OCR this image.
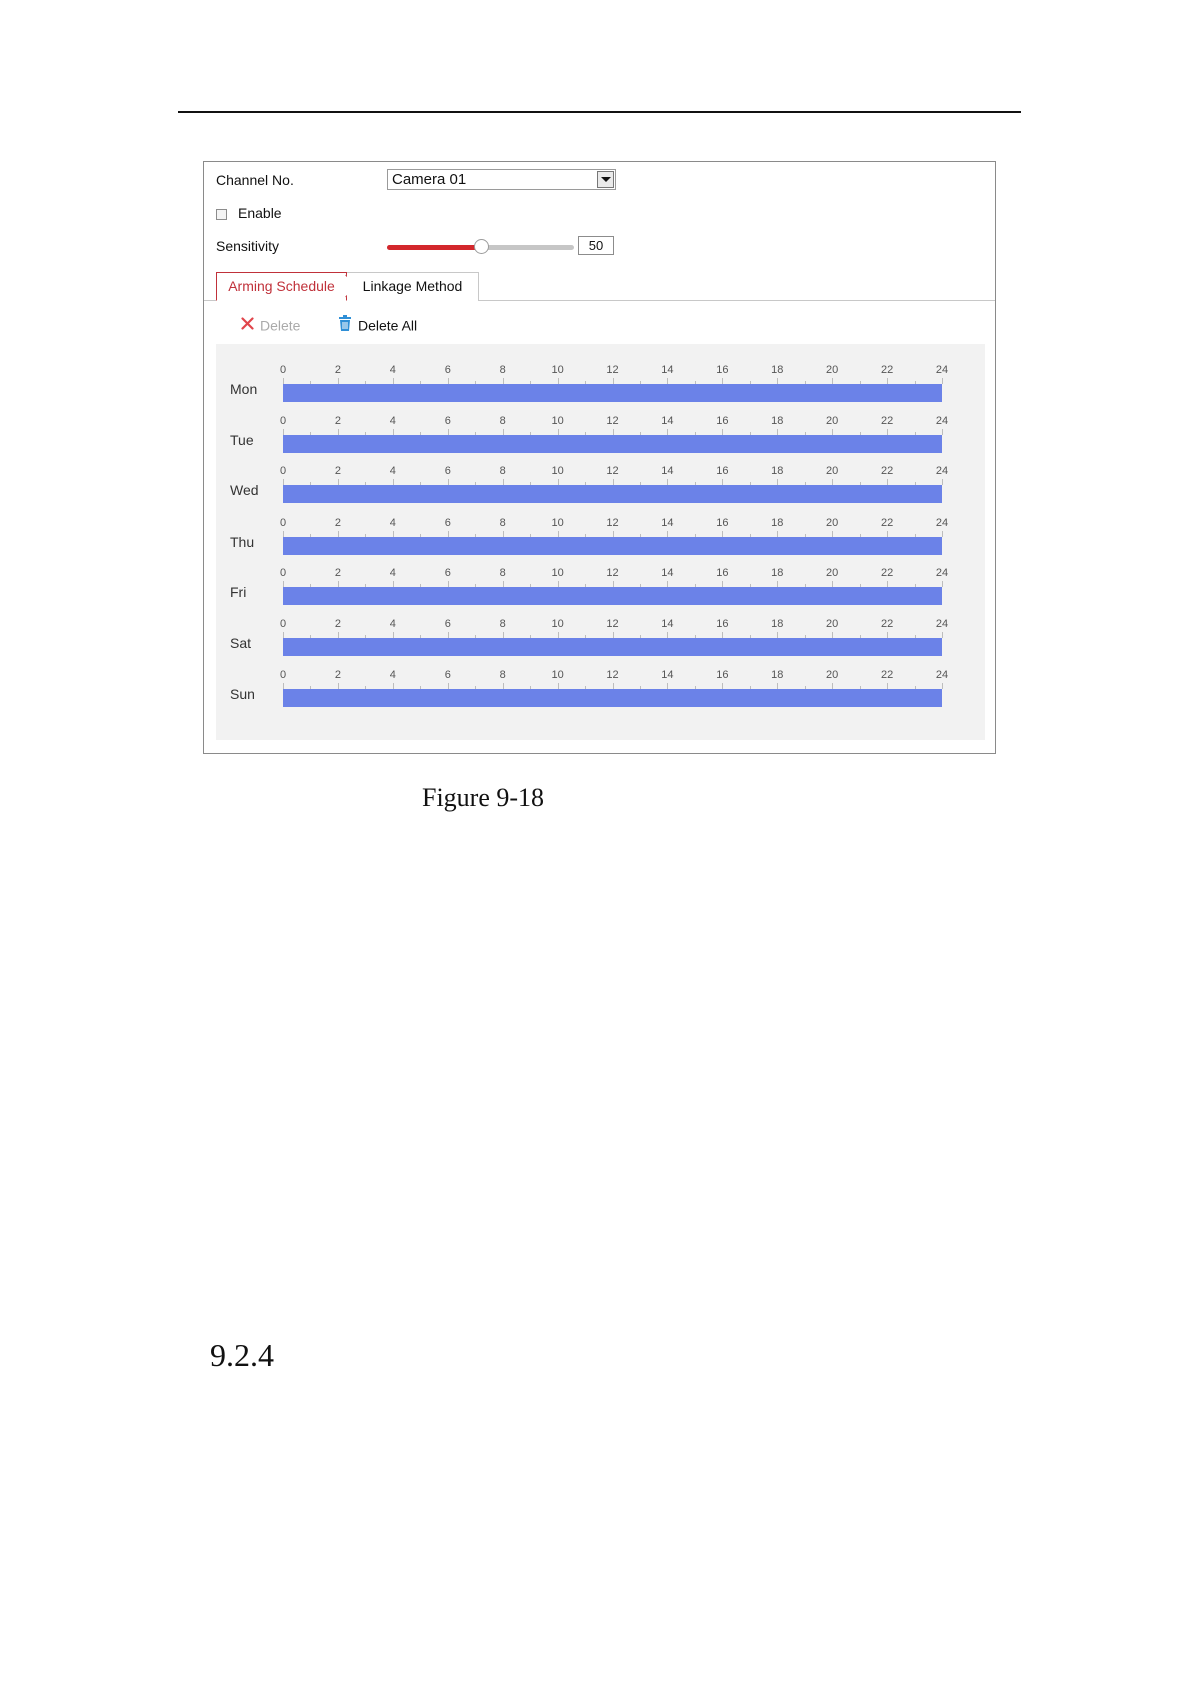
Channel No.	Camera 01
Enable
Sensitivity	50
Arming Schedule	Linkage Method
Delete	Delete All
Mon
0	2	4	6	8	10	12	14	16	18	20	22	24
Tue
0	2	4	6	8	10	12	14	16	18	20	22	24
Wed
0	2	4	6	8	10	12	14	16	18	20	22	24
Thu
0	2	4	6	8	10	12	14	16	18	20	22	24
Fri
0	2	4	6	8	10	12	14	16	18	20	22	24
Sat
0	2	4	6	8	10	12	14	16	18	20	22	24
Sun
0	2	4	6	8	10	12	14	16	18	20	22	24
Figure 9-18
9.2.4
